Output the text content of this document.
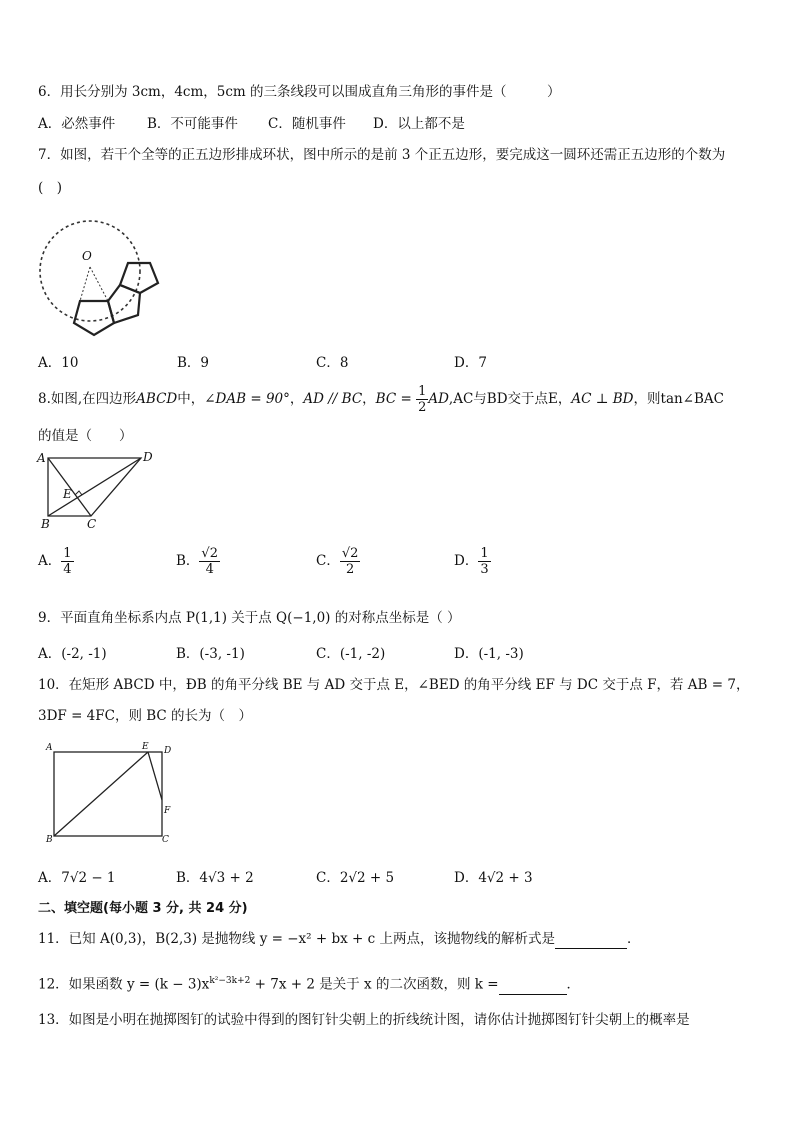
6．用长分别为 3cm，4cm，5cm 的三条线段可以围成直角三角形的事件是（　　　）
A．必然事件 B．不可能事件 C．随机事件 D．以上都不是
7．如图，若干个全等的正五边形排成环状，图中所示的是前 3 个正五边形，要完成这一圆环还需正五边形的个数为
(　)
O
A．10	B．9	C．8	D．7
8.如图,在四边形ABCD中，∠DAB = 90°，AD // BC，BC = $\frac{1}{2} AD,AC$与BD交于点E，AC ⊥ BD，则tan∠BAC
的值是（　　）
A	D
E
B	C
A． $\frac{1}{4}$	B． $\frac{√2}{4}$	C． $\frac{√2}{2}$	D． $\frac{1}{3}$
9．平面直角坐标系内点 P(1,1) 关于点 Q(−1,0) 的对称点坐标是（ ）
A．(-2, -1)	B．(-3, -1)	C．(-1, -2)	D．(-1, -3)
10．在矩形 ABCD 中，ÐB 的角平分线 BE 与 AD 交于点 E，∠BED 的角平分线 EF 与 DC 交于点 F，若 AB = 7，
3DF = 4FC，则 BC 的长为（　）
A	E D
F
B	C
A．7√2 − 1	B．4√3 + 2	C．2√2 + 5	D．4√2 + 3
二、填空题(每小题 3 分, 共 24 分)
11．已知 A(0,3)，B(2,3) 是抛物线 y = −x² + bx + c 上两点，该抛物线的解析式是	．
12．如果函数 $y = (k - 3)x^{k^2-3k+2} + 7x + 2$ 是关于 x 的二次函数，则 k =	．
13．如图是小明在抛掷图钉的试验中得到的图钉针尖朝上的折线统计图，请你估计抛掷图钉针尖朝上的概率是
